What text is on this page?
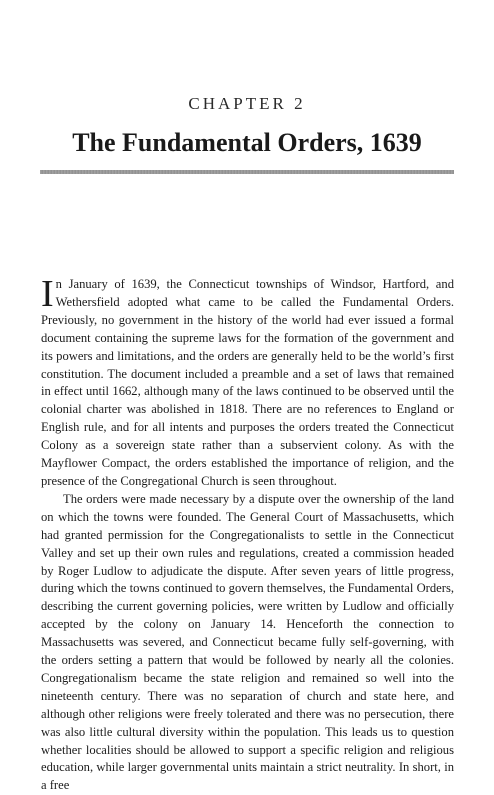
CHAPTER 2
The Fundamental Orders, 1639

In January of 1639, the Connecticut townships of Windsor, Hartford, and Wethersfield adopted what came to be called the Fundamental Orders. Previously, no government in the history of the world had ever issued a formal document containing the supreme laws for the formation of the government and its powers and limitations, and the orders are generally held to be the world’s first constitution. The document included a preamble and a set of laws that remained in effect until 1662, although many of the laws continued to be observed until the colonial charter was abolished in 1818. There are no references to England or English rule, and for all intents and purposes the orders treated the Connecticut Colony as a sovereign state rather than a subservient colony. As with the Mayflower Compact, the orders established the importance of religion, and the presence of the Congregational Church is seen throughout.

The orders were made necessary by a dispute over the ownership of the land on which the towns were founded. The General Court of Massachusetts, which had granted permission for the Congregationalists to settle in the Connecticut Valley and set up their own rules and regulations, created a commission headed by Roger Ludlow to adjudicate the dispute. After seven years of little progress, during which the towns continued to govern themselves, the Fundamental Orders, describing the current governing policies, were written by Ludlow and officially accepted by the colony on January 14. Henceforth the connection to Massachusetts was severed, and Connecticut became fully self-governing, with the orders setting a pattern that would be followed by nearly all the colonies. Congregationalism became the state religion and remained so well into the nineteenth century. There was no separation of church and state here, and although other religions were freely tolerated and there was no persecution, there was also little cultural diversity within the population. This leads us to question whether localities should be allowed to support a specific religion and religious education, while larger governmental units maintain a strict neutrality. In short, in a free
